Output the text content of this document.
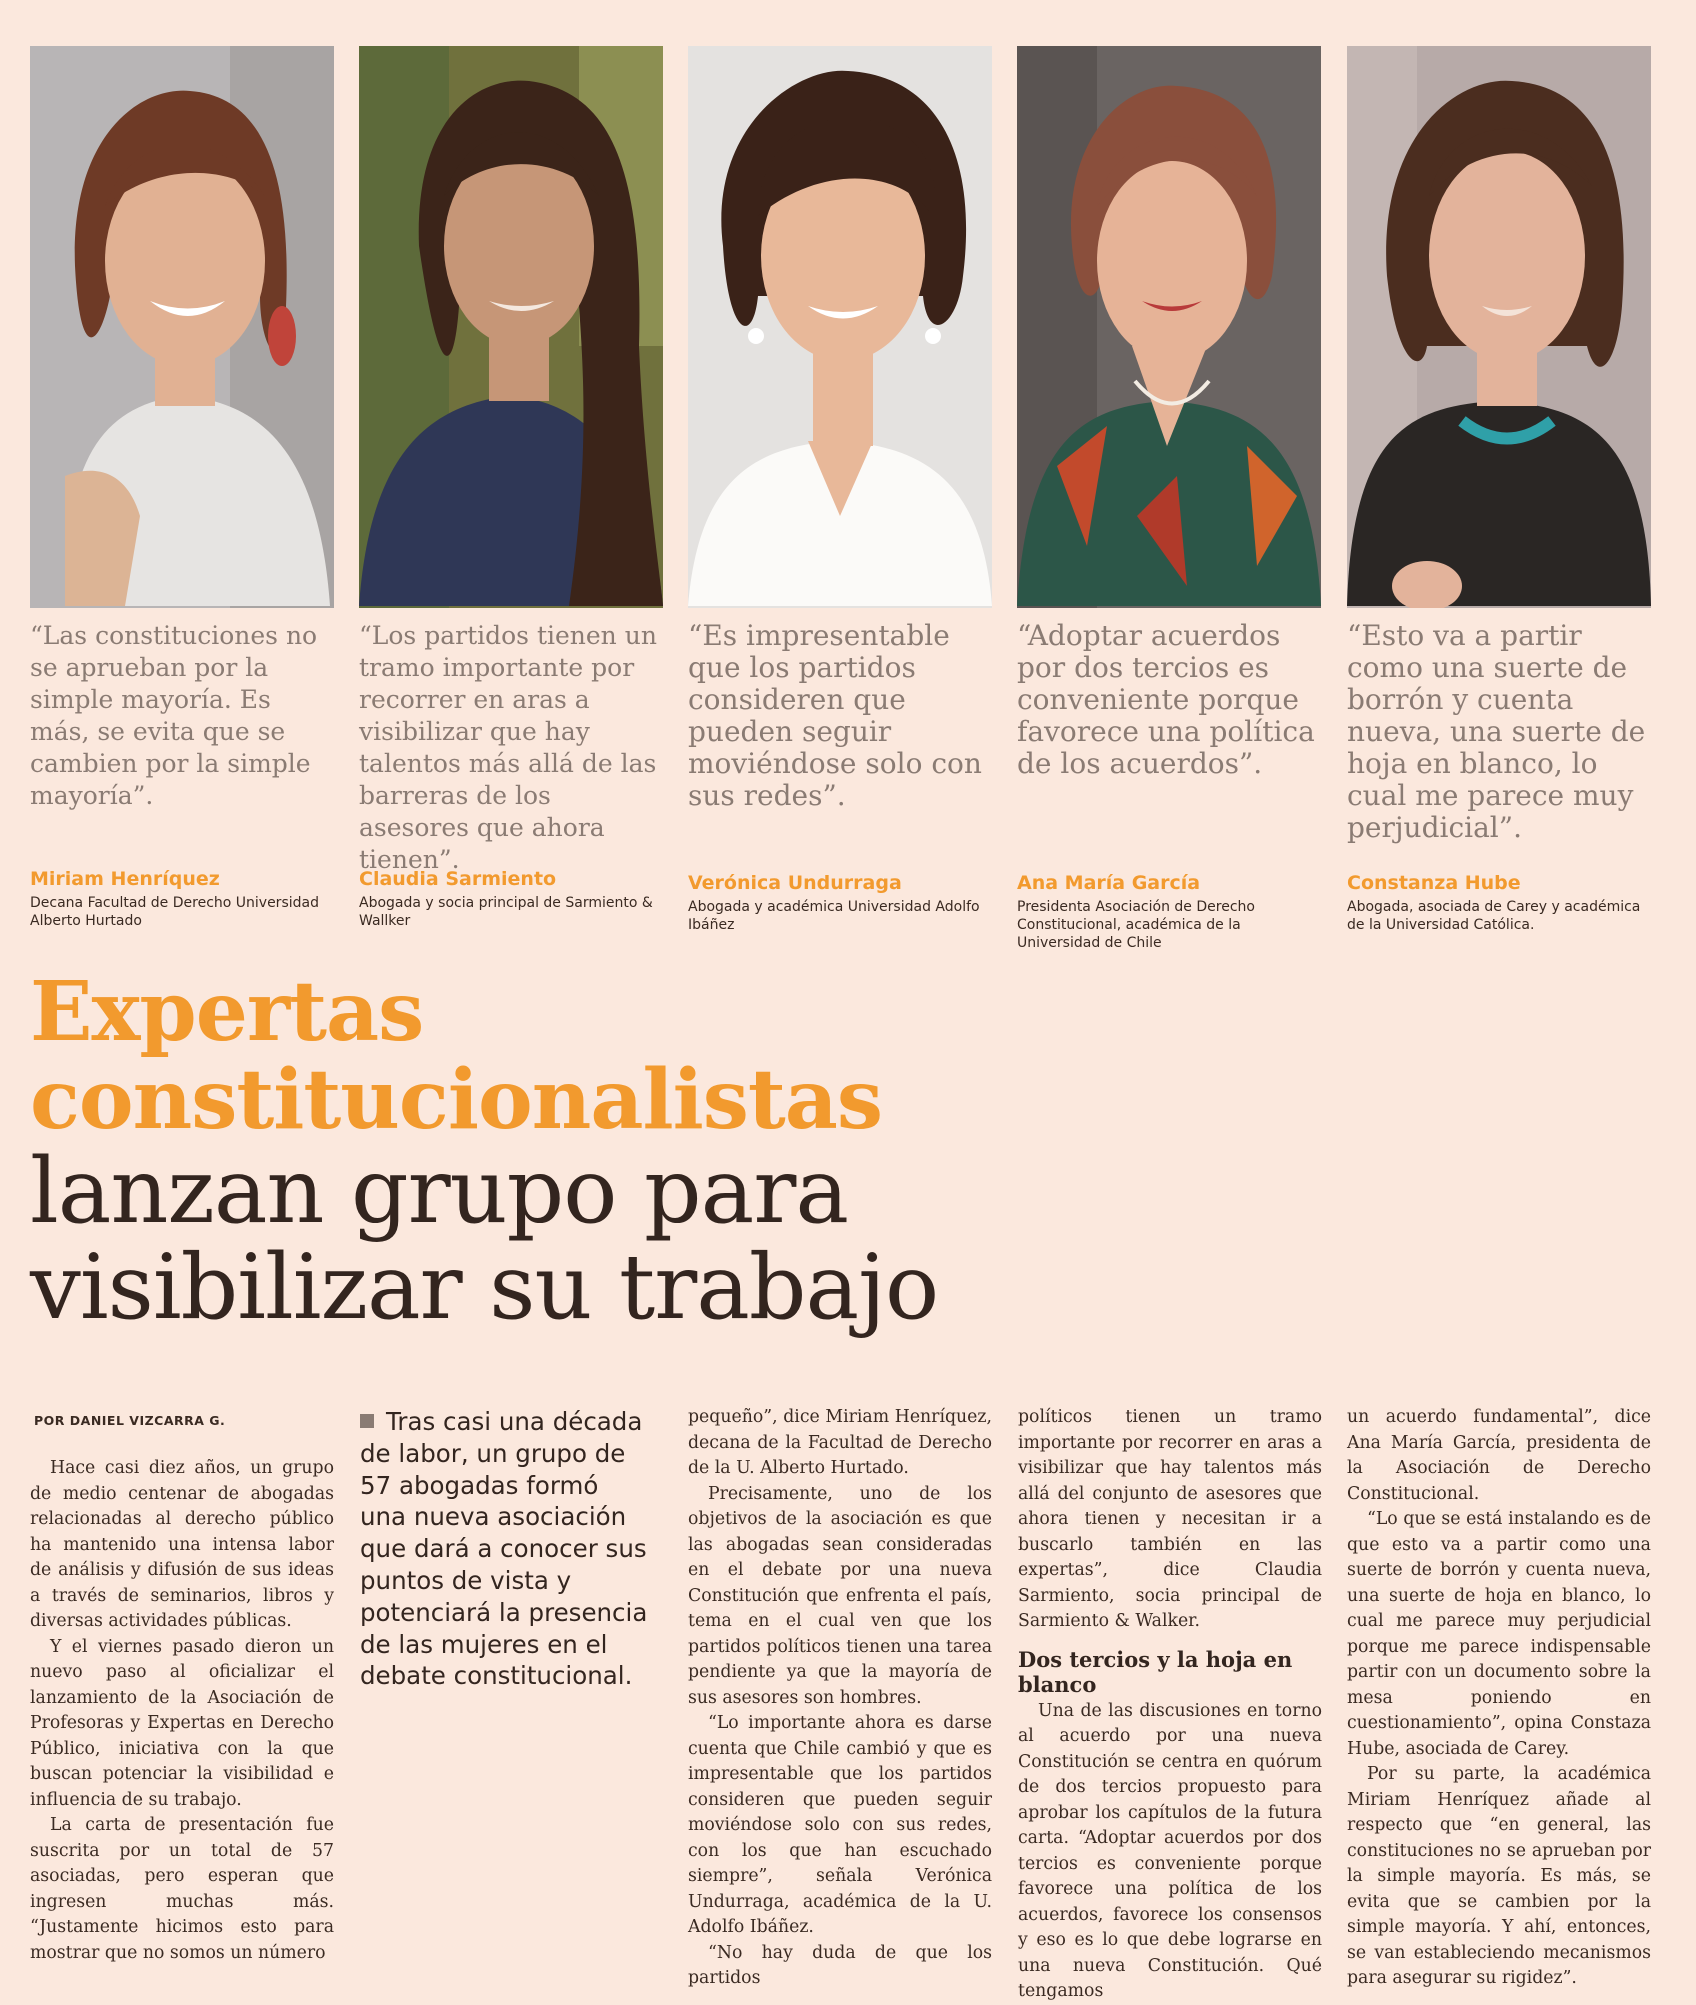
“Las constituciones no se aprueban por la simple mayoría. Es más, se evita que se cambien por la simple mayoría”.
Miriam Henríquez
Decana Facultad de Derecho Universidad Alberto Hurtado
“Los partidos tienen un tramo importante por recorrer en aras a visibilizar que hay talentos más allá de las barreras de los asesores que ahora tienen”.
Claudia Sarmiento
Abogada y socia principal de Sarmiento & Wallker
“Es impresentable que los partidos consideren que pueden seguir moviéndose solo con sus redes”.
Verónica Undurraga
Abogada y académica Universidad Adolfo Ibáñez
“Adoptar acuerdos por dos tercios es conveniente porque favorece una política de los acuerdos”.
Ana María García
Presidenta Asociación de Derecho Constitucional, académica de la Universidad de Chile
“Esto va a partir como una suerte de borrón y cuenta nueva, una suerte de hoja en blanco, lo cual me parece muy perjudicial”.
Constanza Hube
Abogada, asociada de Carey y académica de la Universidad Católica.
Expertas
constitucionalistas
lanzan grupo para
visibilizar su trabajo
POR DANIEL VIZCARRA G.

Hace casi diez años, un grupo de medio centenar de abogadas relacionadas al derecho público ha mantenido una intensa labor de análisis y difusión de sus ideas a través de seminarios, libros y diversas actividades públicas.

Y el viernes pasado dieron un nuevo paso al oficializar el lanzamiento de la Asociación de Profesoras y Expertas en Derecho Público, iniciativa con la que buscan potenciar la visibilidad e influencia de su trabajo.

La carta de presentación fue suscrita por un total de 57 asociadas, pero esperan que ingresen muchas más. “Justamente hicimos esto para mostrar que no somos un número

Tras casi una década de labor, un grupo de 57 abogadas formó una nueva asociación que dará a conocer sus puntos de vista y potenciará la presencia de las mujeres en el debate constitucional.

pequeño”, dice Miriam Henríquez, decana de la Facultad de Derecho de la U. Alberto Hurtado.

Precisamente, uno de los objetivos de la asociación es que las abogadas sean consideradas en el debate por una nueva Constitución que enfrenta el país, tema en el cual ven que los partidos políticos tienen una tarea pendiente ya que la mayoría de sus asesores son hombres.

“Lo importante ahora es darse cuenta que Chile cambió y que es impresentable que los partidos consideren que pueden seguir moviéndose solo con sus redes, con los que han escuchado siempre”, señala Verónica Undurraga, académica de la U. Adolfo Ibáñez.

“No hay duda de que los partidos

políticos tienen un tramo importante por recorrer en aras a visibilizar que hay talentos más allá del conjunto de asesores que ahora tienen y necesitan ir a buscarlo también en las expertas”, dice Claudia Sarmiento, socia principal de Sarmiento & Walker.

Dos tercios y la hoja en blanco

Una de las discusiones en torno al acuerdo por una nueva Constitución se centra en quórum de dos tercios propuesto para aprobar los capítulos de la futura carta. “Adoptar acuerdos por dos tercios es conveniente porque favorece una política de los acuerdos, favorece los consensos y eso es lo que debe lograrse en una nueva Constitución. Qué tengamos

un acuerdo fundamental”, dice Ana María García, presidenta de la Asociación de Derecho Constitucional.

“Lo que se está instalando es de que esto va a partir como una suerte de borrón y cuenta nueva, una suerte de hoja en blanco, lo cual me parece muy perjudicial porque me parece indispensable partir con un documento sobre la mesa poniendo en cuestionamiento”, opina Constaza Hube, asociada de Carey.

Por su parte, la académica Miriam Henríquez añade al respecto que “en general, las constituciones no se aprueban por la simple mayoría. Es más, se evita que se cambien por la simple mayoría. Y ahí, entonces, se van estableciendo mecanismos para asegurar su rigidez”.
